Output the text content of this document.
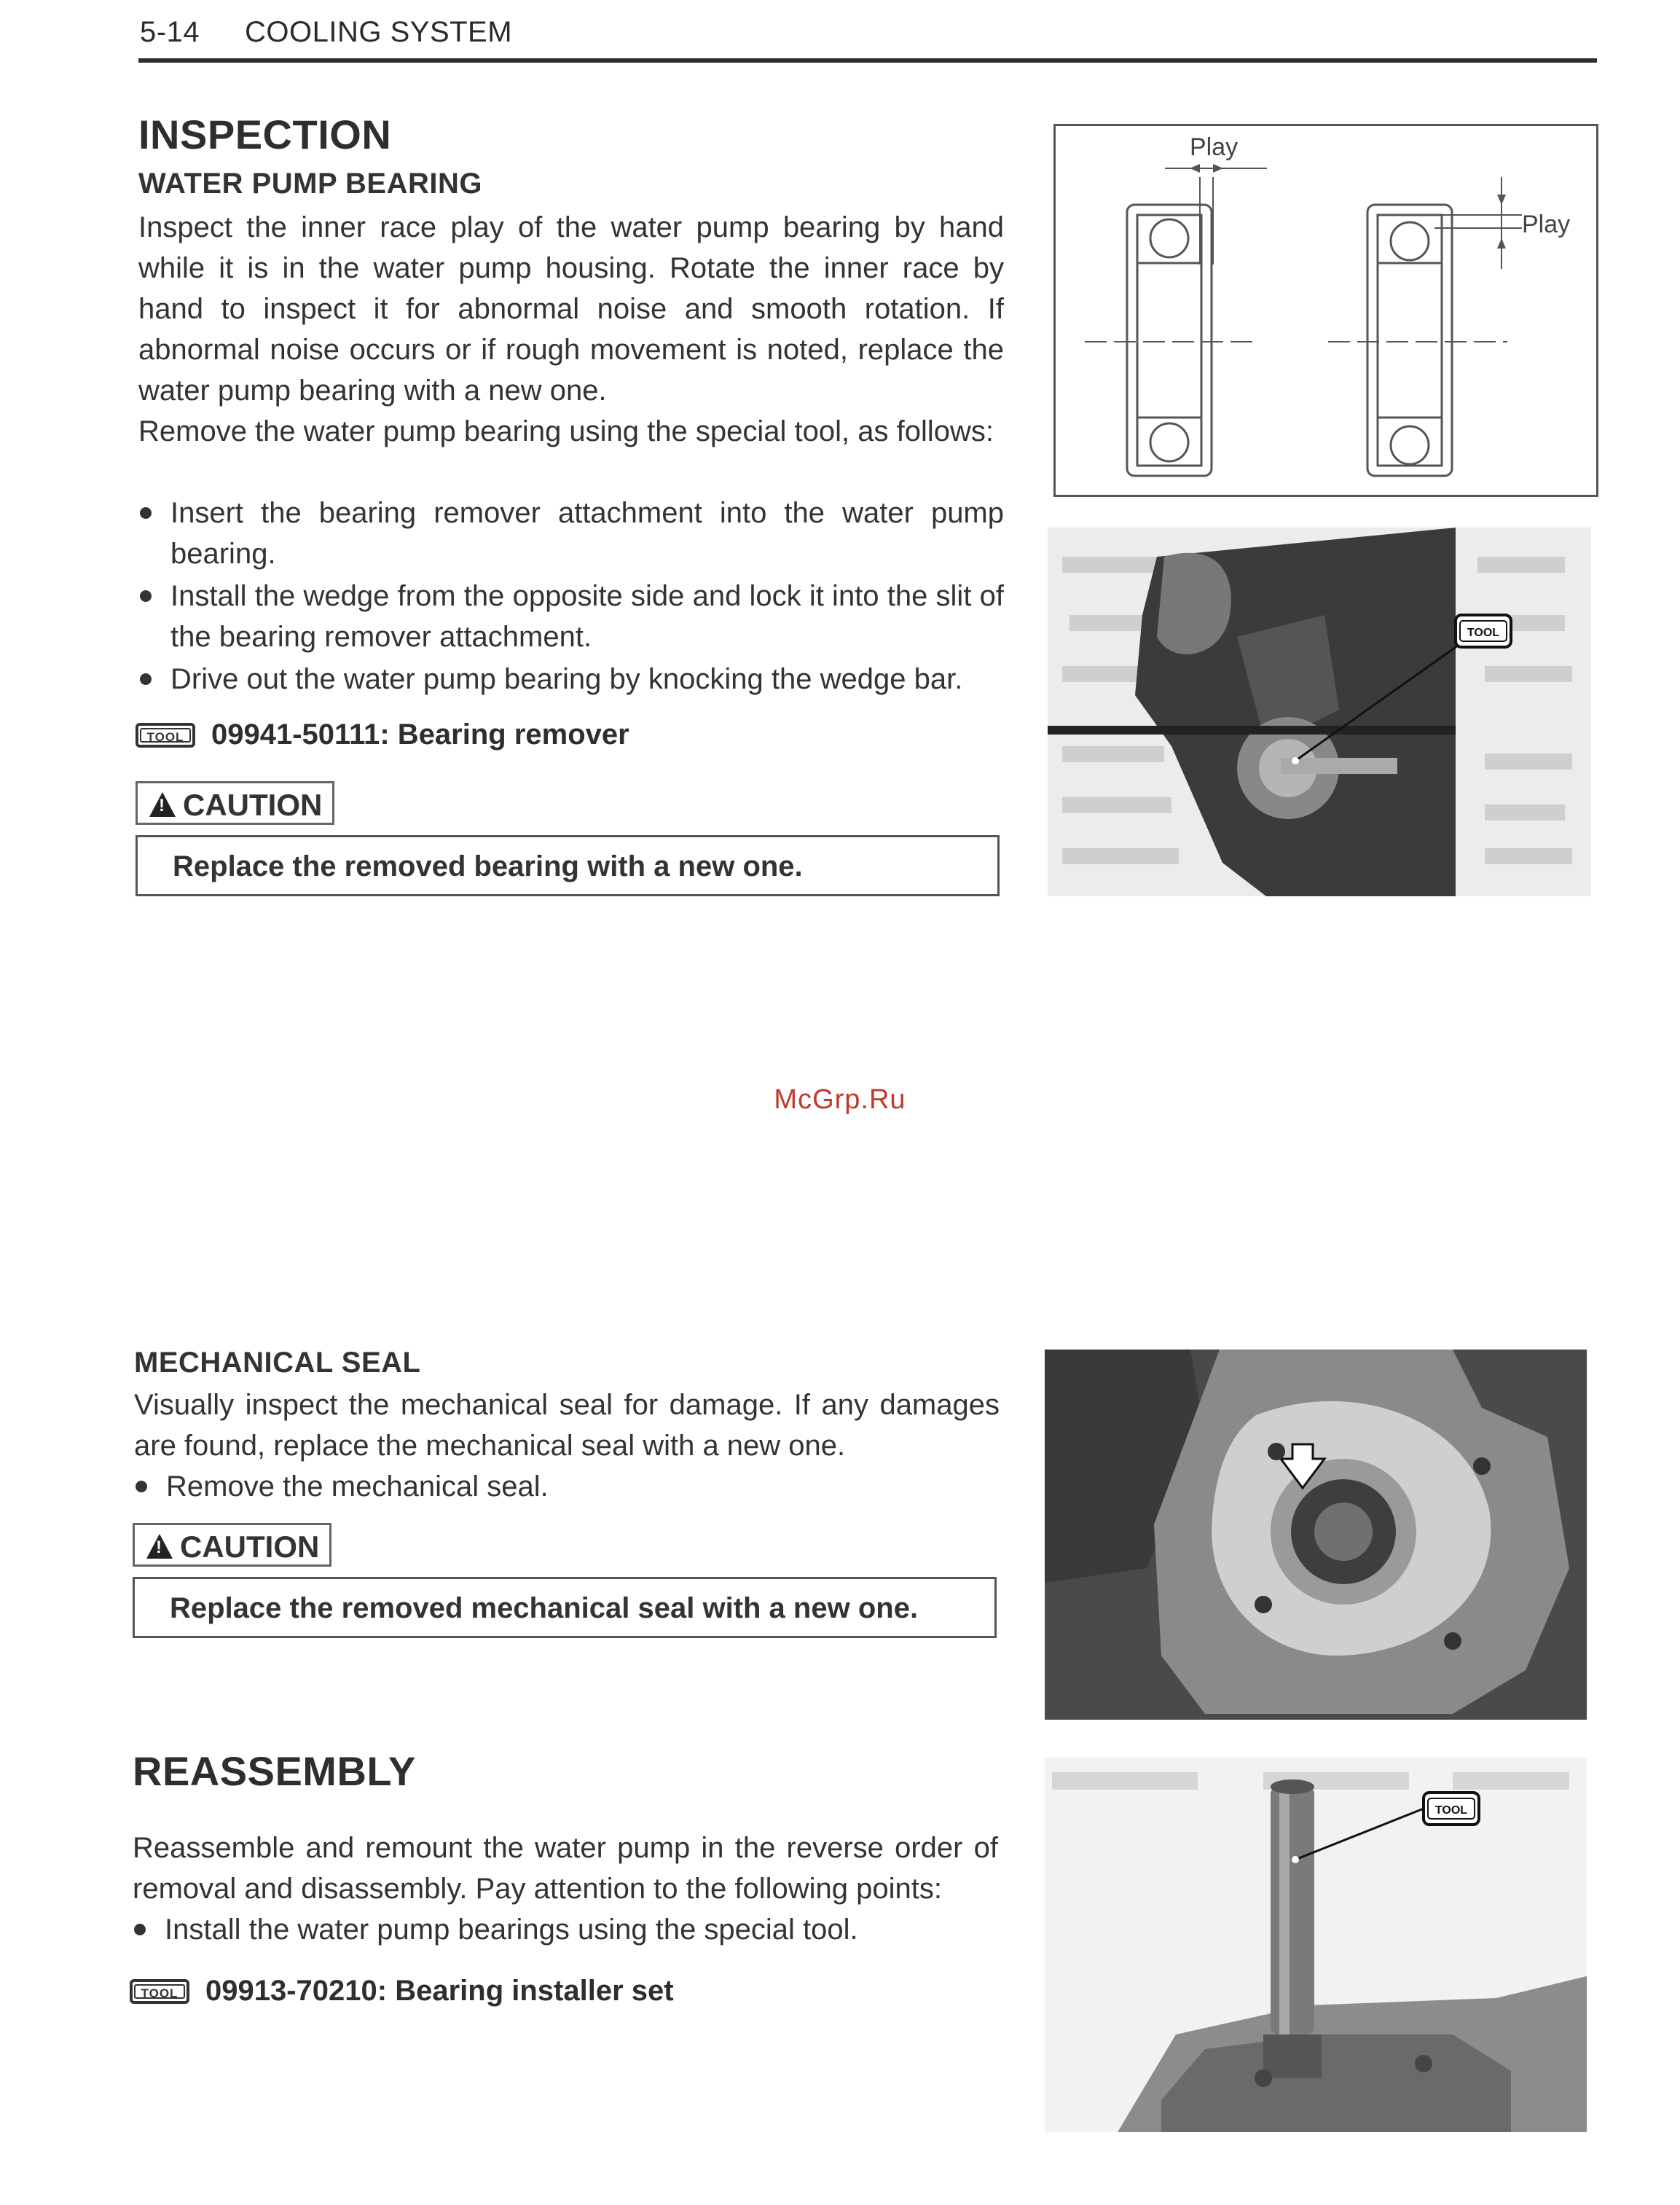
5-14 COOLING SYSTEM
INSPECTION
WATER PUMP BEARING

Inspect the inner race play of the water pump bearing by hand while it is in the water pump housing. Rotate the inner race by hand to inspect it for abnormal noise and smooth rotation. If abnormal noise occurs or if rough movement is noted, replace the water pump bearing with a new one.

Remove the water pump bearing using the special tool, as follows:

Insert the bearing remover attachment into the water pump bearing.
Install the wedge from the opposite side and lock it into the slit of the bearing remover attachment.
Drive out the water pump bearing by knocking the wedge bar.
TOOL 09941-50111: Bearing remover
!CAUTION
Replace the removed bearing with a new one.
Play
Play
TOOL
McGrp.Ru
MECHANICAL SEAL

Visually inspect the mechanical seal for damage. If any damages are found, replace the mechanical seal with a new one.

Remove the mechanical seal.
!CAUTION
Replace the removed mechanical seal with a new one.
REASSEMBLY

Reassemble and remount the water pump in the reverse order of removal and disassembly. Pay attention to the following points:

Install the water pump bearings using the special tool.
TOOL 09913-70210: Bearing installer set
TOOL
